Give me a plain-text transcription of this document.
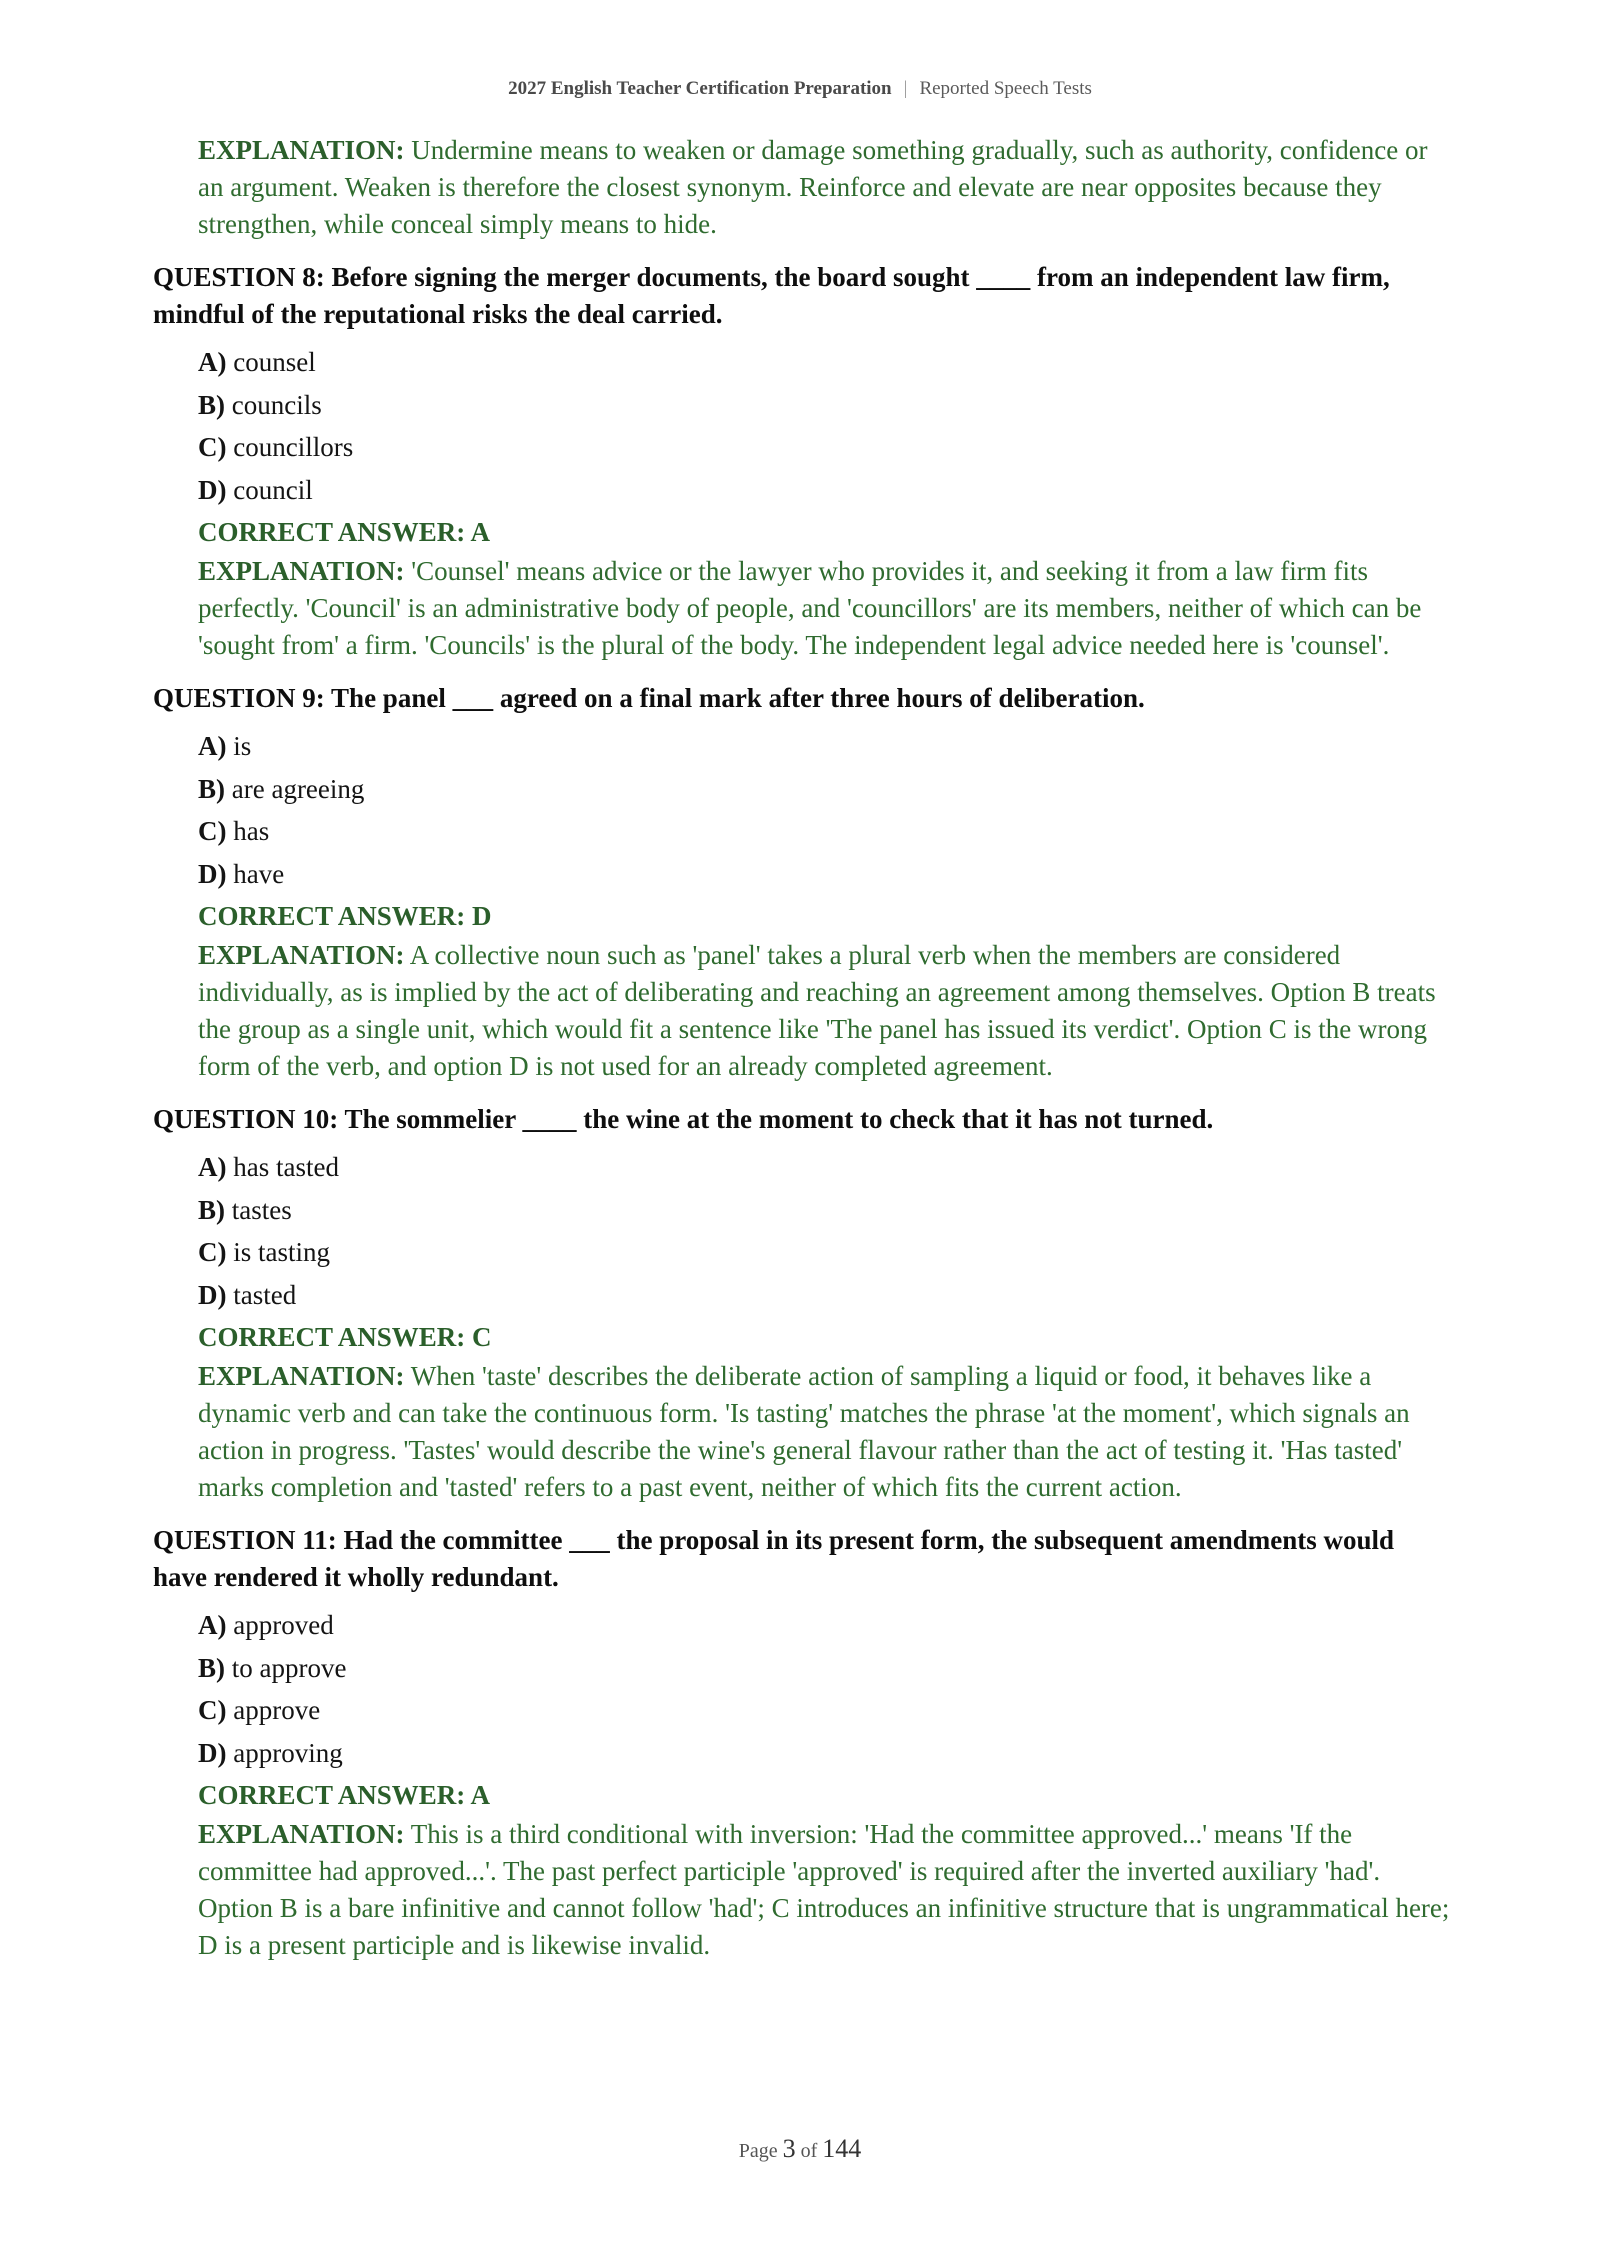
2027 English Teacher Certification Preparation | Reported Speech Tests
EXPLANATION: Undermine means to weaken or damage something gradually, such as authority, confidence or an argument. Weaken is therefore the closest synonym. Reinforce and elevate are near opposites because they strengthen, while conceal simply means to hide.
QUESTION 8: Before signing the merger documents, the board sought ____ from an independent law firm, mindful of the reputational risks the deal carried.
A) counsel
B) councils
C) councillors
D) council
CORRECT ANSWER: A
EXPLANATION: 'Counsel' means advice or the lawyer who provides it, and seeking it from a law firm fits perfectly. 'Council' is an administrative body of people, and 'councillors' are its members, neither of which can be 'sought from' a firm. 'Councils' is the plural of the body. The independent legal advice needed here is 'counsel'.
QUESTION 9: The panel ___ agreed on a final mark after three hours of deliberation.
A) is
B) are agreeing
C) has
D) have
CORRECT ANSWER: D
EXPLANATION: A collective noun such as 'panel' takes a plural verb when the members are considered individually, as is implied by the act of deliberating and reaching an agreement among themselves. Option B treats the group as a single unit, which would fit a sentence like 'The panel has issued its verdict'. Option C is the wrong form of the verb, and option D is not used for an already completed agreement.
QUESTION 10: The sommelier ____ the wine at the moment to check that it has not turned.
A) has tasted
B) tastes
C) is tasting
D) tasted
CORRECT ANSWER: C
EXPLANATION: When 'taste' describes the deliberate action of sampling a liquid or food, it behaves like a dynamic verb and can take the continuous form. 'Is tasting' matches the phrase 'at the moment', which signals an action in progress. 'Tastes' would describe the wine's general flavour rather than the act of testing it. 'Has tasted' marks completion and 'tasted' refers to a past event, neither of which fits the current action.
QUESTION 11: Had the committee ___ the proposal in its present form, the subsequent amendments would have rendered it wholly redundant.
A) approved
B) to approve
C) approve
D) approving
CORRECT ANSWER: A
EXPLANATION: This is a third conditional with inversion: 'Had the committee approved...' means 'If the committee had approved...'. The past perfect participle 'approved' is required after the inverted auxiliary 'had'. Option B is a bare infinitive and cannot follow 'had'; C introduces an infinitive structure that is ungrammatical here; D is a present participle and is likewise invalid.
Page 3 of 144
